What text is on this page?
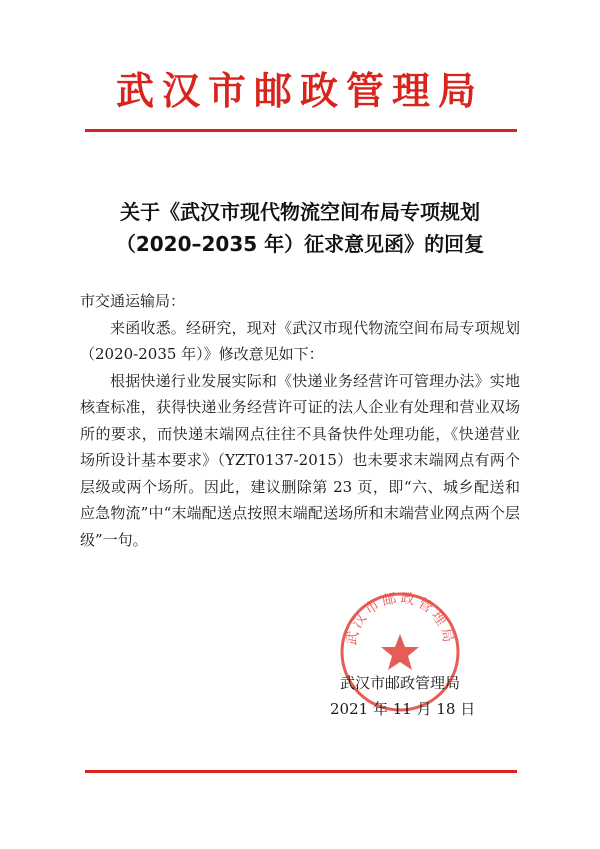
武汉市邮政管理局
关于《武汉市现代物流空间布局专项规划
（2020–2035 年）征求意见函》的回复

市交通运输局：

来函收悉。经研究，现对《武汉市现代物流空间布局专项规划（2020-2035 年）》修改意见如下：

根据快递行业发展实际和《快递业务经营许可管理办法》实地核查标准，获得快递业务经营许可证的法人企业有处理和营业双场所的要求，而快递末端网点往往不具备快件处理功能，《快递营业场所设计基本要求》（YZT0137-2015）也未要求末端网点有两个层级或两个场所。因此，建议删除第 23 页，即“六、城乡配送和应急物流”中“末端配送点按照末端配送场所和末端营业网点两个层级”一句。

武汉市邮政管理局
武汉市邮政管理局
2021 年 11 月 18 日
